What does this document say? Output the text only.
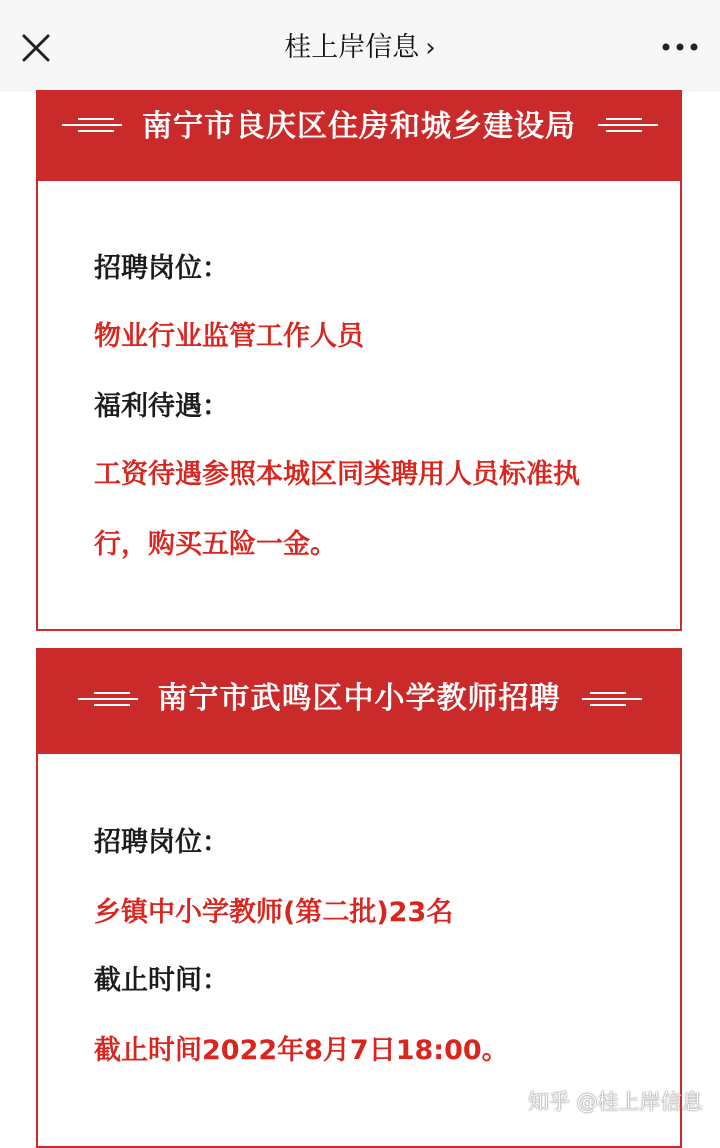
桂上岸信息 ›
南宁市良庆区住房和城乡建设局
招聘岗位：
物业行业监管工作人员
福利待遇：
工资待遇参照本城区同类聘用人员标准执
行，购买五险一金。
南宁市武鸣区中小学教师招聘
招聘岗位：
乡镇中小学教师(第二批)23名
截止时间：
截止时间2022年8月7日18:00。
知乎 @桂上岸信息
